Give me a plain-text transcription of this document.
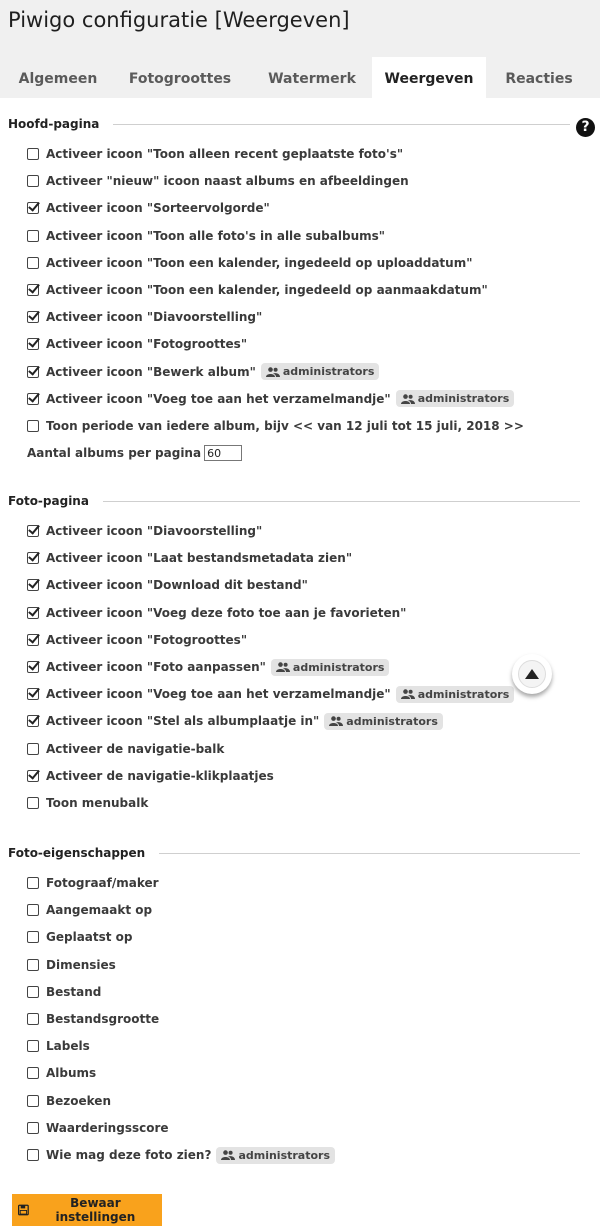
Piwigo configuratie [Weergeven]
Algemeen	Fotogroottes	Watermerk	Weergeven	Reacties
?
Hoofd-pagina
Activeer icoon "Toon alleen recent geplaatste foto's"
Activeer "nieuw" icoon naast albums en afbeeldingen
Activeer icoon "Sorteervolgorde"
Activeer icoon "Toon alle foto's in alle subalbums"
Activeer icoon "Toon een kalender, ingedeeld op uploaddatum"
Activeer icoon "Toon een kalender, ingedeeld op aanmaakdatum"
Activeer icoon "Diavoorstelling"
Activeer icoon "Fotogroottes"
Activeer icoon "Bewerk album" administrators
Activeer icoon "Voeg toe aan het verzamelmandje" administrators
Toon periode van iedere album, bijv << van 12 juli tot 15 juli, 2018 >>
Aantal albums per pagina
60
Foto-pagina
Activeer icoon "Diavoorstelling"
Activeer icoon "Laat bestandsmetadata zien"
Activeer icoon "Download dit bestand"
Activeer icoon "Voeg deze foto toe aan je favorieten"
Activeer icoon "Fotogroottes"
Activeer icoon "Foto aanpassen" administrators
Activeer icoon "Voeg toe aan het verzamelmandje" administrators
Activeer icoon "Stel als albumplaatje in" administrators
Activeer de navigatie-balk
Activeer de navigatie-klikplaatjes
Toon menubalk
Foto-eigenschappen
Fotograaf/maker
Aangemaakt op
Geplaatst op
Dimensies
Bestand
Bestandsgrootte
Labels
Albums
Bezoeken
Waarderingsscore
Wie mag deze foto zien? administrators
Bewaar instellingen
